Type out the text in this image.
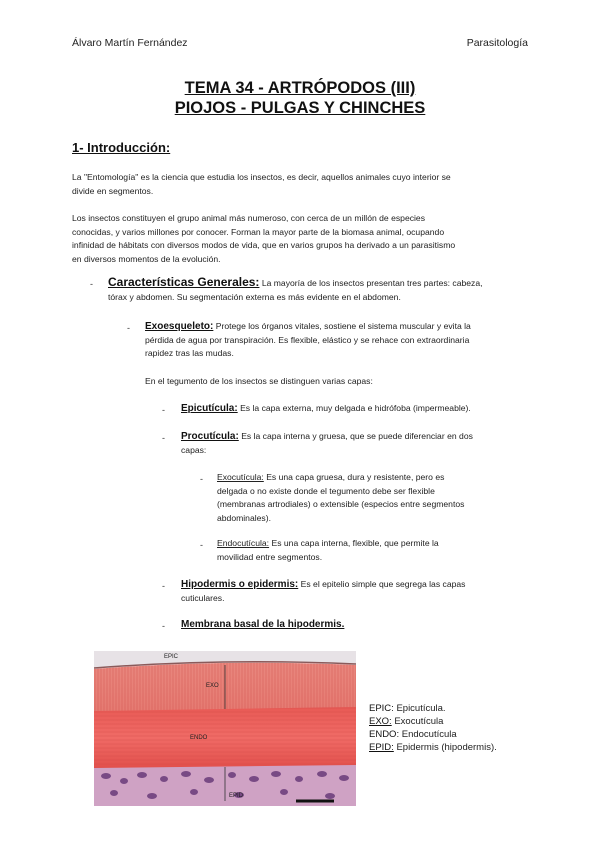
Álvaro Martín Fernández	Parasitología
TEMA 34 - ARTRÓPODOS (III)
PIOJOS - PULGAS Y CHINCHES
1- Introducción:
La "Entomología" es la ciencia que estudia los insectos, es decir, aquellos animales cuyo interior se
divide en segmentos.
Los insectos constituyen el grupo animal más numeroso, con cerca de un millón de especies
conocidas, y varios millones por conocer. Forman la mayor parte de la biomasa animal, ocupando
infinidad de hábitats con diversos modos de vida, que en varios grupos ha derivado a un parasitismo
en diversos momentos de la evolución.
- Características Generales: La mayoría de los insectos presentan tres partes: cabeza,
tórax y abdomen. Su segmentación externa es más evidente en el abdomen.
- Exoesqueleto: Protege los órganos vitales, sostiene el sistema muscular y evita la
pérdida de agua por transpiración. Es flexible, elástico y se rehace con extraordinaria
rapidez tras las mudas.
En el tegumento de los insectos se distinguen varias capas:
- Epicutícula: Es la capa externa, muy delgada e hidrófoba (impermeable).
- Procutícula: Es la capa interna y gruesa, que se puede diferenciar en dos
capas:
- Exocutícula: Es una capa gruesa, dura y resistente, pero es
delgada o no existe donde el tegumento debe ser flexible
(membranas artrodiales) o extensible (especios entre segmentos
abdominales).
- Endocutícula: Es una capa interna, flexible, que permite la
movilidad entre segmentos.
- Hipodermis o epidermis: Es el epitelio simple que segrega las capas
cuticulares.
- Membrana basal de la hipodermis.
EPIC
EXO
ENDO
EPID
EPIC: Epicutícula.
EXO: Exocutícula
ENDO: Endocutícula
EPID: Epidermis (hipodermis).
